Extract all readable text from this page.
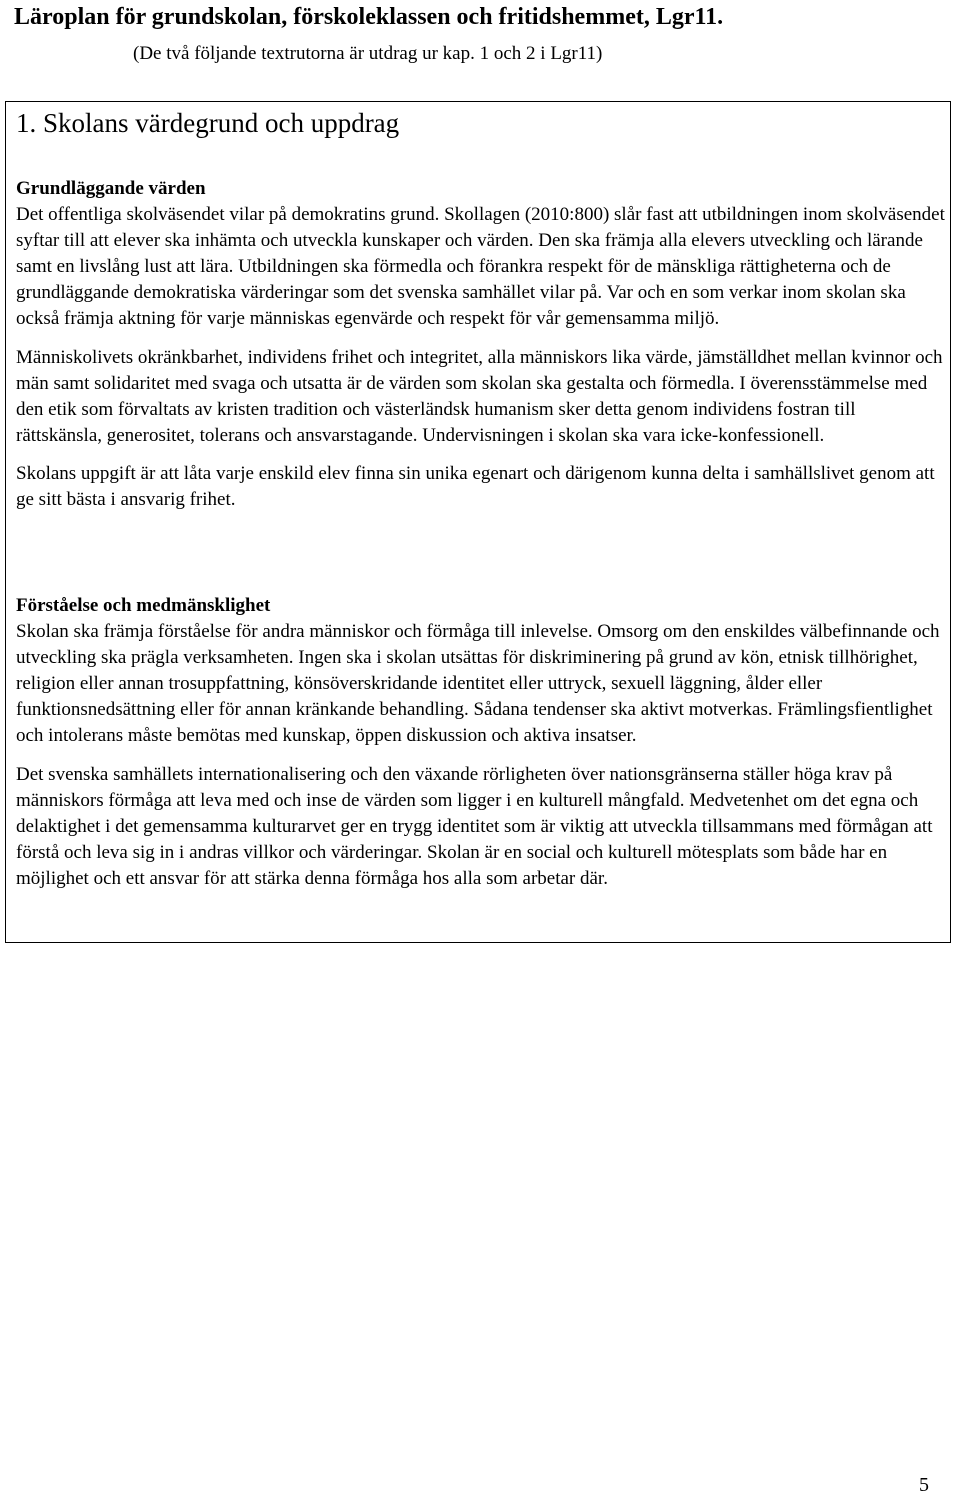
Läroplan för grundskolan, förskoleklassen och fritidshemmet, Lgr11.

(De två följande textrutorna är utdrag ur kap. 1 och 2 i Lgr11)

1. Skolans värdegrund och uppdrag
Grundläggande värden

Det offentliga skolväsendet vilar på demokratins grund. Skollagen (2010:800) slår fast att utbildningen inom skolväsendet syftar till att elever ska inhämta och utveckla kunskaper och värden. Den ska främja alla elevers utveckling och lärande samt en livslång lust att lära. Utbildningen ska förmedla och förankra respekt för de mänskliga rättigheterna och de grundläggande demokratiska värderingar som det svenska samhället vilar på. Var och en som verkar inom skolan ska också främja aktning för varje människas egenvärde och respekt för vår gemensamma miljö.

Människolivets okränkbarhet, individens frihet och integritet, alla människors lika värde, jämställdhet mellan kvinnor och män samt solidaritet med svaga och utsatta är de värden som skolan ska gestalta och förmedla. I överensstämmelse med den etik som förvaltats av kristen tradition och västerländsk humanism sker detta genom individens fostran till rättskänsla, generositet, tolerans och ansvarstagande. Undervisningen i skolan ska vara icke-konfessionell.

Skolans uppgift är att låta varje enskild elev finna sin unika egenart och därigenom kunna delta i samhällslivet genom att ge sitt bästa i ansvarig frihet.

Förståelse och medmänsklighet

Skolan ska främja förståelse för andra människor och förmåga till inlevelse. Omsorg om den enskildes välbefinnande och utveckling ska prägla verksamheten. Ingen ska i skolan utsättas för diskriminering på grund av kön, etnisk tillhörighet, religion eller annan trosuppfattning, könsöverskridande identitet eller uttryck, sexuell läggning, ålder eller funktionsnedsättning eller för annan kränkande behandling. Sådana tendenser ska aktivt motverkas. Främlingsfientlighet och intolerans måste bemötas med kunskap, öppen diskussion och aktiva insatser.

Det svenska samhällets internationalisering och den växande rörligheten över nationsgränserna ställer höga krav på människors förmåga att leva med och inse de värden som ligger i en kulturell mångfald. Medvetenhet om det egna och delaktighet i det gemensamma kulturarvet ger en trygg identitet som är viktig att utveckla tillsammans med förmågan att förstå och leva sig in i andras villkor och värderingar. Skolan är en social och kulturell mötesplats som både har en möjlighet och ett ansvar för att stärka denna förmåga hos alla som arbetar där.

5
